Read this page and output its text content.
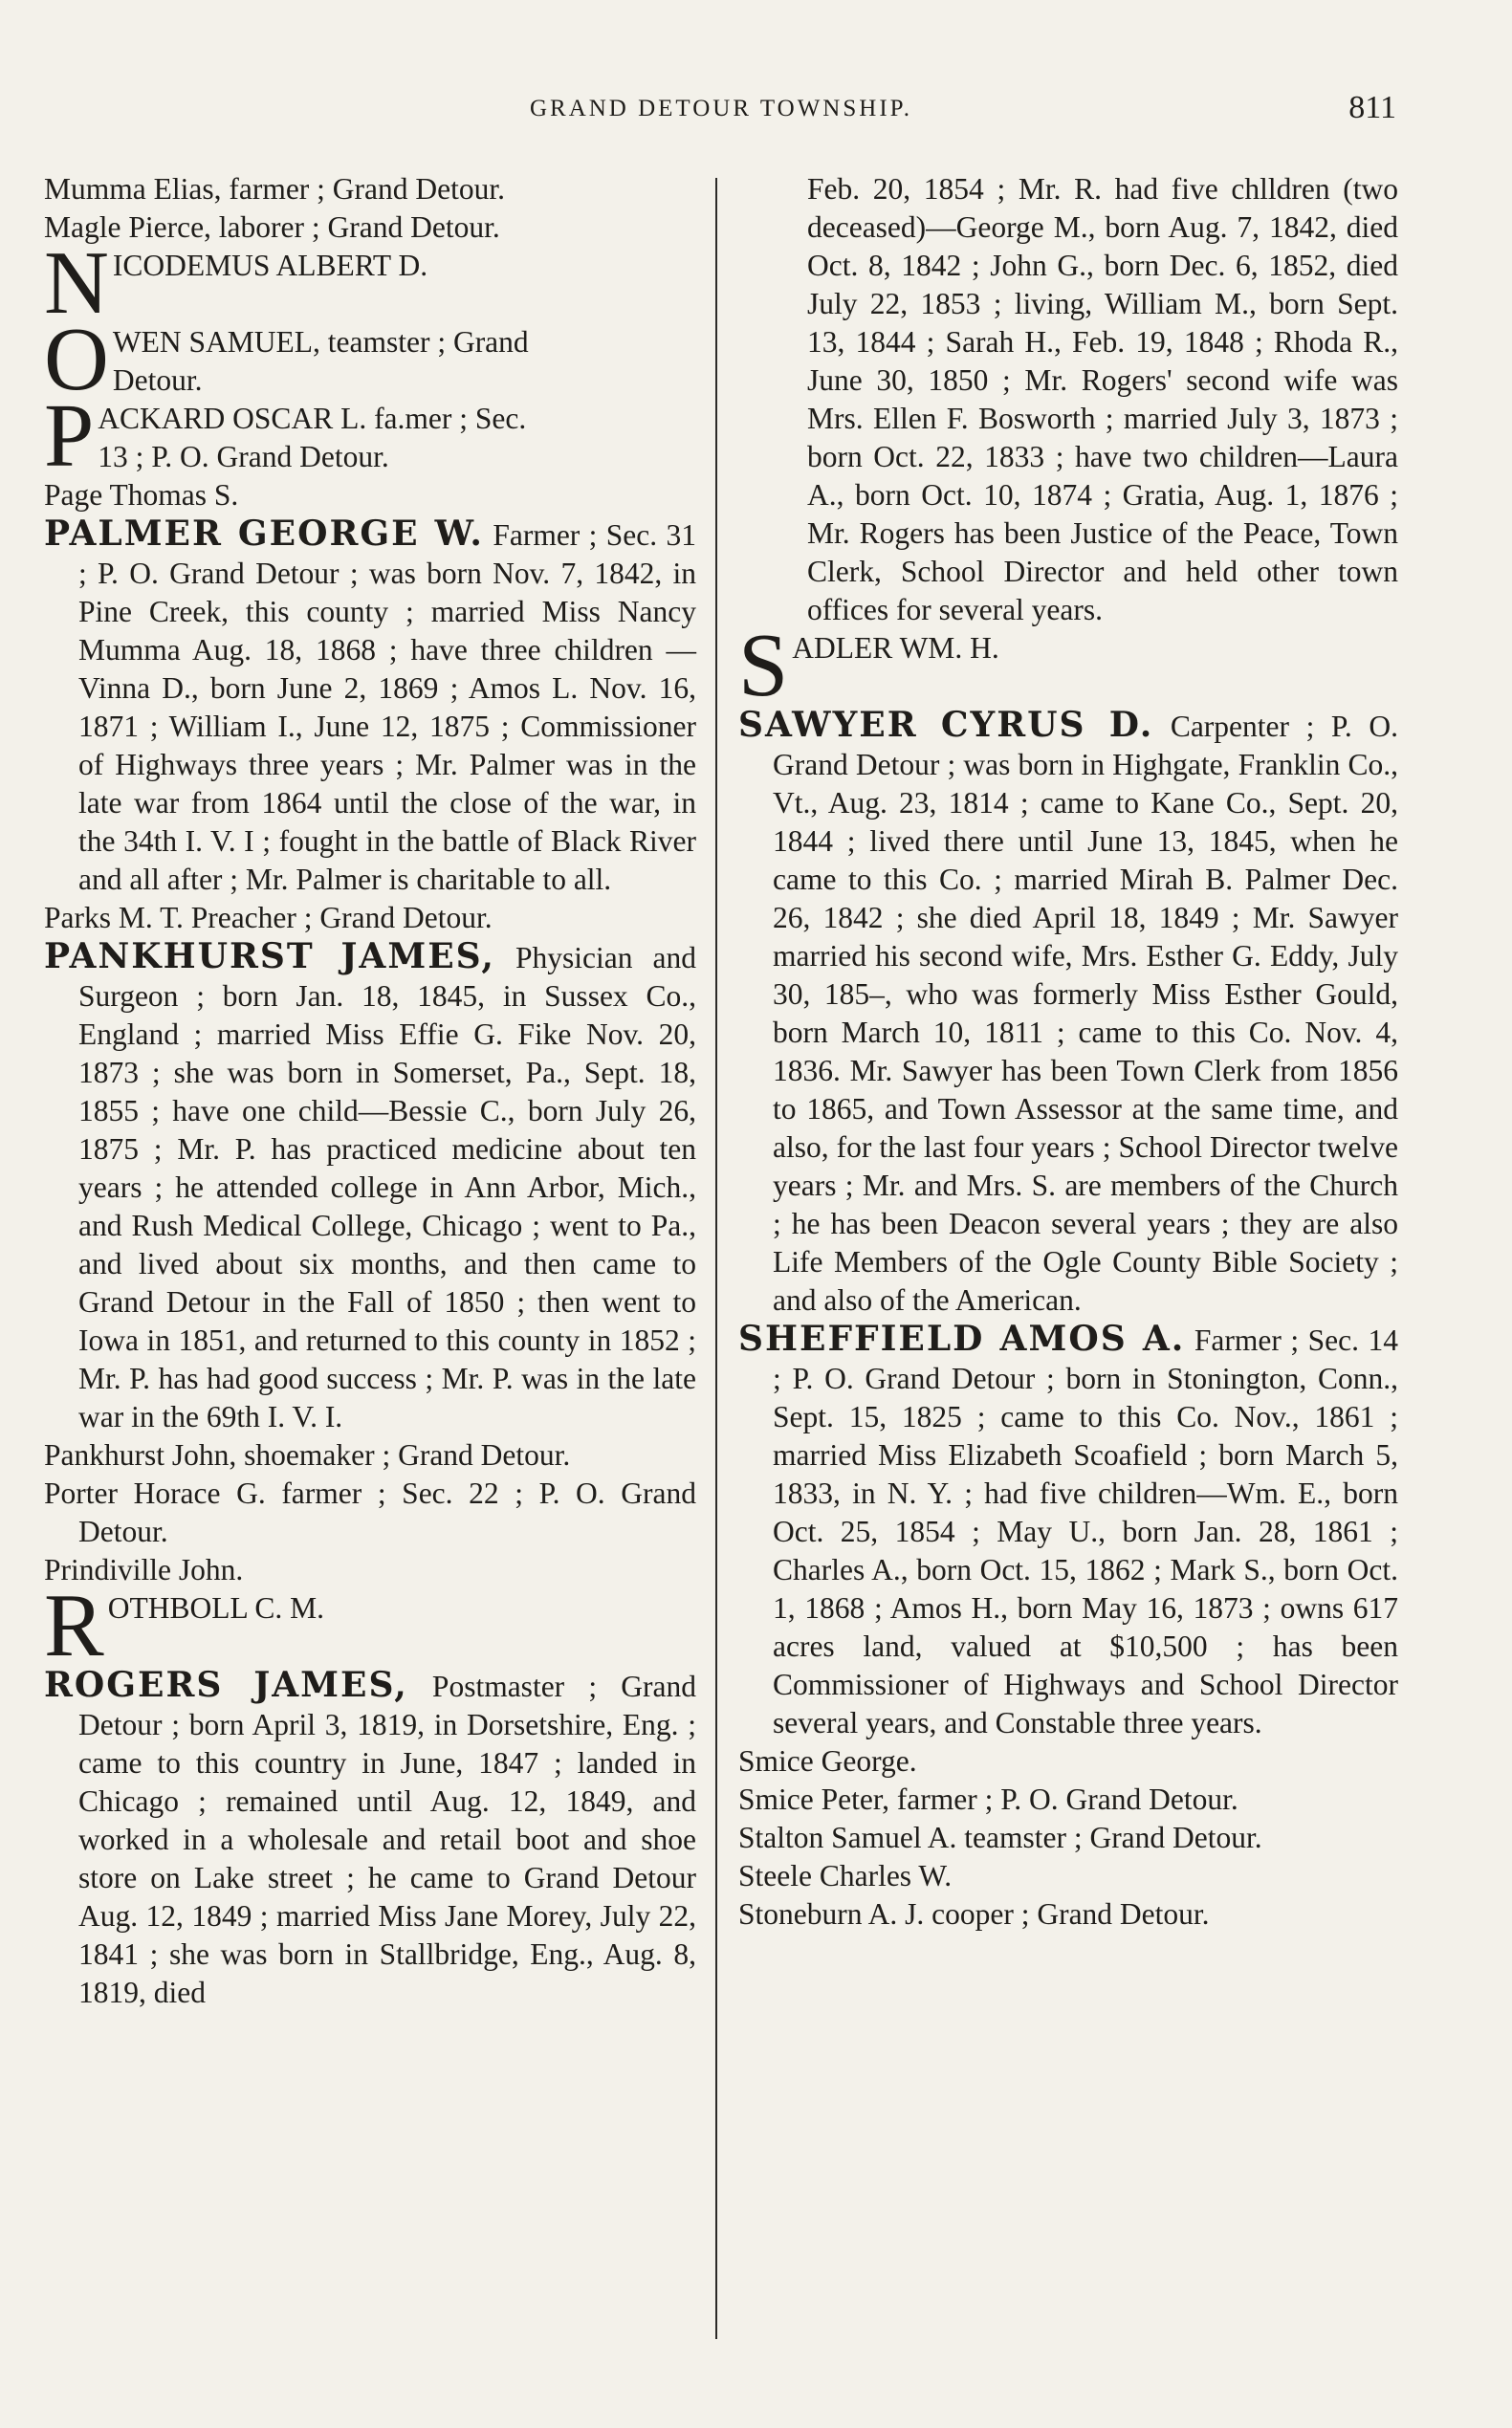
GRAND DETOUR TOWNSHIP.	811

Mumma Elias, farmer ; Grand Detour.

Magle Pierce, laborer ; Grand Detour.

N ICODEMUS ALBERT D.
O WEN SAMUEL, teamster ; Grand
Detour.
P ACKARD OSCAR L. fa.mer ; Sec.
13 ; P. O. Grand Detour.

Page Thomas S.

PALMER GEORGE W. Farmer ; Sec. 31 ; P. O. Grand Detour ; was born Nov. 7, 1842, in Pine Creek, this county ; married Miss Nancy Mumma Aug. 18, 1868 ; have three children —Vinna D., born June 2, 1869 ; Amos L. Nov. 16, 1871 ; William I., June 12, 1875 ; Commissioner of Highways three years ; Mr. Palmer was in the late war from 1864 until the close of the war, in the 34th I. V. I ; fought in the battle of Black River and all after ; Mr. Palmer is charitable to all.

Parks M. T. Preacher ; Grand Detour.

PANKHURST JAMES, Physician and Surgeon ; born Jan. 18, 1845, in Sussex Co., England ; married Miss Effie G. Fike Nov. 20, 1873 ; she was born in Somerset, Pa., Sept. 18, 1855 ; have one child—Bessie C., born July 26, 1875 ; Mr. P. has practiced medicine about ten years ; he attended college in Ann Arbor, Mich., and Rush Medical College, Chicago ; went to Pa., and lived about six months, and then came to Grand Detour in the Fall of 1850 ; then went to Iowa in 1851, and returned to this county in 1852 ; Mr. P. has had good success ; Mr. P. was in the late war in the 69th I. V. I.

Pankhurst John, shoemaker ; Grand Detour.

Porter Horace G. farmer ; Sec. 22 ; P. O. Grand Detour.

Prindiville John.

R OTHBOLL C. M.

ROGERS JAMES, Postmaster ; Grand Detour ; born April 3, 1819, in Dorsetshire, Eng. ; came to this country in June, 1847 ; landed in Chicago ; remained until Aug. 12, 1849, and worked in a wholesale and retail boot and shoe store on Lake street ; he came to Grand Detour Aug. 12, 1849 ; married Miss Jane Morey, July 22, 1841 ; she was born in Stallbridge, Eng., Aug. 8, 1819, died

Feb. 20, 1854 ; Mr. R. had five chlldren (two deceased)—George M., born Aug. 7, 1842, died Oct. 8, 1842 ; John G., born Dec. 6, 1852, died July 22, 1853 ; living, William M., born Sept. 13, 1844 ; Sarah H., Feb. 19, 1848 ; Rhoda R., June 30, 1850 ; Mr. Rogers' second wife was Mrs. Ellen F. Bosworth ; married July 3, 1873 ; born Oct. 22, 1833 ; have two children—Laura A., born Oct. 10, 1874 ; Gratia, Aug. 1, 1876 ; Mr. Rogers has been Justice of the Peace, Town Clerk, School Director and held other town offices for several years.

S ADLER WM. H.

SAWYER CYRUS D. Carpenter ; P. O. Grand Detour ; was born in Highgate, Franklin Co., Vt., Aug. 23, 1814 ; came to Kane Co., Sept. 20, 1844 ; lived there until June 13, 1845, when he came to this Co. ; married Mirah B. Palmer Dec. 26, 1842 ; she died April 18, 1849 ; Mr. Sawyer married his second wife, Mrs. Esther G. Eddy, July 30, 185–, who was formerly Miss Esther Gould, born March 10, 1811 ; came to this Co. Nov. 4, 1836. Mr. Sawyer has been Town Clerk from 1856 to 1865, and Town Assessor at the same time, and also, for the last four years ; School Director twelve years ; Mr. and Mrs. S. are members of the Church ; he has been Deacon several years ; they are also Life Members of the Ogle County Bible Society ; and also of the American.

SHEFFIELD AMOS A. Farmer ; Sec. 14 ; P. O. Grand Detour ; born in Stonington, Conn., Sept. 15, 1825 ; came to this Co. Nov., 1861 ; married Miss Elizabeth Scoafield ; born March 5, 1833, in N. Y. ; had five children—Wm. E., born Oct. 25, 1854 ; May U., born Jan. 28, 1861 ; Charles A., born Oct. 15, 1862 ; Mark S., born Oct. 1, 1868 ; Amos H., born May 16, 1873 ; owns 617 acres land, valued at $10,500 ; has been Commissioner of Highways and School Director several years, and Constable three years.

Smice George.

Smice Peter, farmer ; P. O. Grand Detour.

Stalton Samuel A. teamster ; Grand Detour.

Steele Charles W.

Stoneburn A. J. cooper ; Grand Detour.
